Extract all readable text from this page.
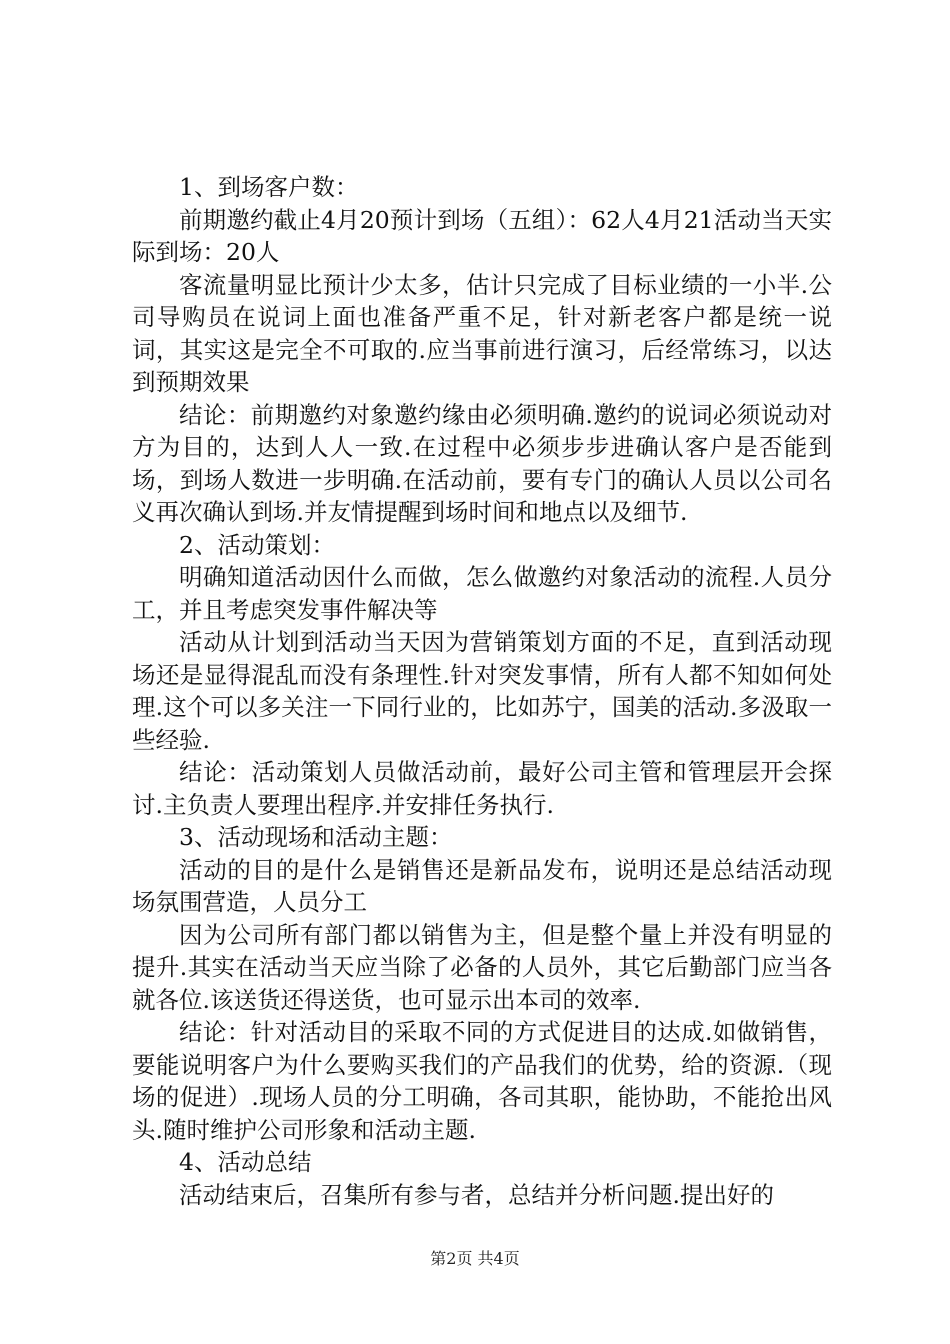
1、到场客户数：

前期邀约截止4月20预计到场（五组）：62人4月21活动当天实际到场：20人

客流量明显比预计少太多，估计只完成了目标业绩的一小半.公司导购员在说词上面也准备严重不足，针对新老客户都是统一说词，其实这是完全不可取的.应当事前进行演习，后经常练习，以达到预期效果

结论：前期邀约对象邀约缘由必须明确.邀约的说词必须说动对方为目的，达到人人一致.在过程中必须步步进确认客户是否能到场，到场人数进一步明确.在活动前，要有专门的确认人员以公司名义再次确认到场.并友情提醒到场时间和地点以及细节.

2、活动策划：

明确知道活动因什么而做，怎么做邀约对象活动的流程.人员分工，并且考虑突发事件解决等

活动从计划到活动当天因为营销策划方面的不足，直到活动现场还是显得混乱而没有条理性.针对突发事情，所有人都不知如何处理.这个可以多关注一下同行业的，比如苏宁，国美的活动.多汲取一些经验.

结论：活动策划人员做活动前，最好公司主管和管理层开会探讨.主负责人要理出程序.并安排任务执行.

3、活动现场和活动主题：

活动的目的是什么是销售还是新品发布，说明还是总结活动现场氛围营造，人员分工

因为公司所有部门都以销售为主，但是整个量上并没有明显的提升.其实在活动当天应当除了必备的人员外，其它后勤部门应当各就各位.该送货还得送货，也可显示出本司的效率.

结论：针对活动目的采取不同的方式促进目的达成.如做销售，要能说明客户为什么要购买我们的产品我们的优势，给的资源.（现场的促进）.现场人员的分工明确，各司其职，能协助，不能抢出风头.随时维护公司形象和活动主题.

4、活动总结

活动结束后，召集所有参与者，总结并分析问题.提出好的

第2页 共4页
